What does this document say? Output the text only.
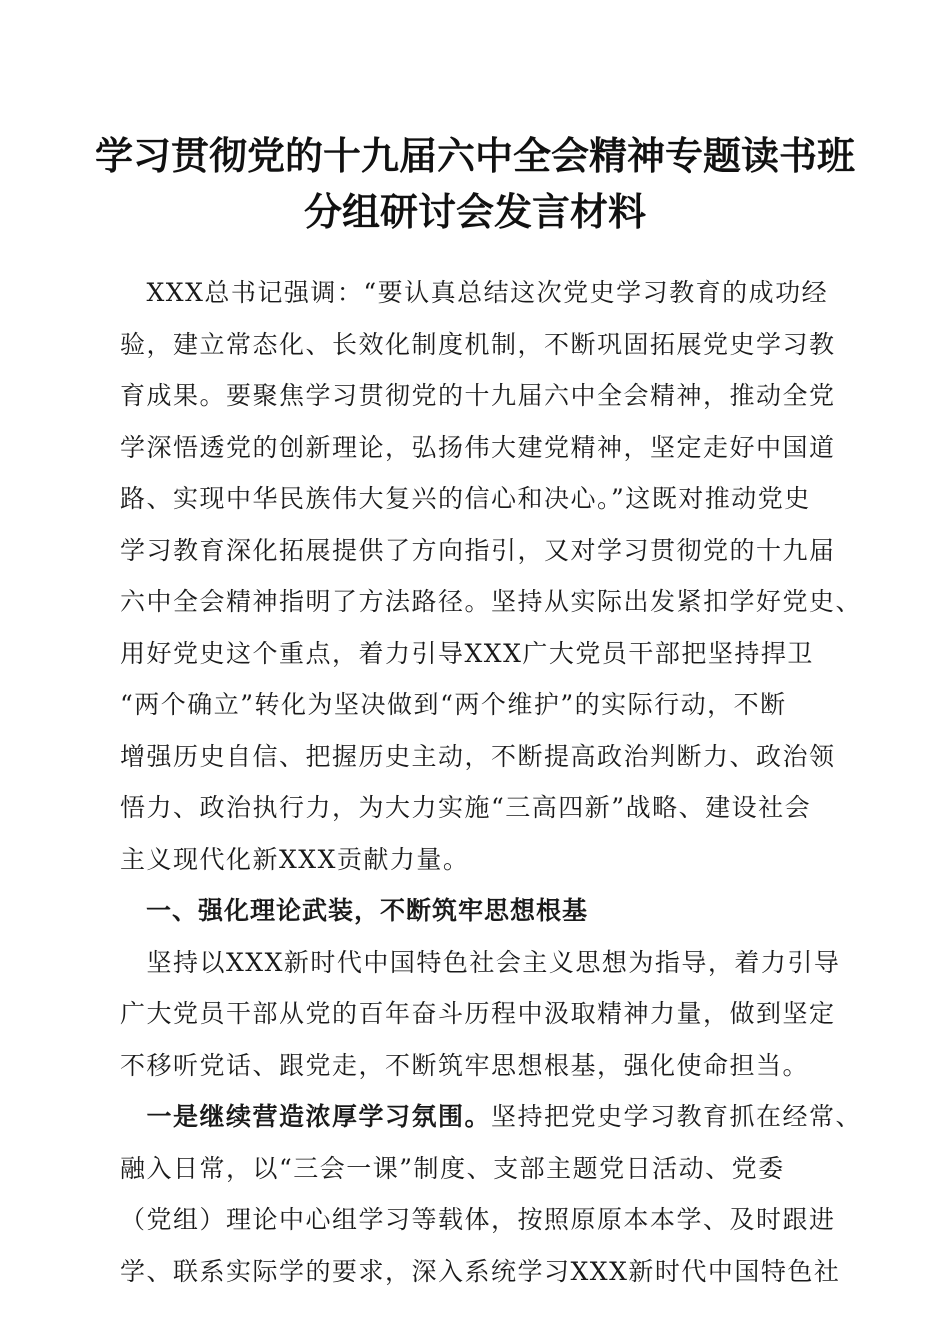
学习贯彻党的十九届六中全会精神专题读书班
分组研讨会发言材料

　XXX总书记强调：“要认真总结这次党史学习教育的成功经
验，建立常态化、长效化制度机制，不断巩固拓展党史学习教
育成果。要聚焦学习贯彻党的十九届六中全会精神，推动全党
学深悟透党的创新理论，弘扬伟大建党精神，坚定走好中国道
路、实现中华民族伟大复兴的信心和决心。”这既对推动党史
学习教育深化拓展提供了方向指引，又对学习贯彻党的十九届
六中全会精神指明了方法路径。坚持从实际出发紧扣学好党史、
用好党史这个重点，着力引导XXX广大党员干部把坚持捍卫
“两个确立”转化为坚决做到“两个维护”的实际行动，不断
增强历史自信、把握历史主动，不断提高政治判断力、政治领
悟力、政治执行力，为大力实施“三高四新”战略、建设社会
主义现代化新XXX贡献力量。

　一、强化理论武装，不断筑牢思想根基

　坚持以XXX新时代中国特色社会主义思想为指导，着力引导
广大党员干部从党的百年奋斗历程中汲取精神力量，做到坚定
不移听党话、跟党走，不断筑牢思想根基，强化使命担当。

　一是继续营造浓厚学习氛围。坚持把党史学习教育抓在经常、
融入日常，以“三会一课”制度、支部主题党日活动、党委
（党组）理论中心组学习等载体，按照原原本本学、及时跟进
学、联系实际学的要求，深入系统学习XXX新时代中国特色社
